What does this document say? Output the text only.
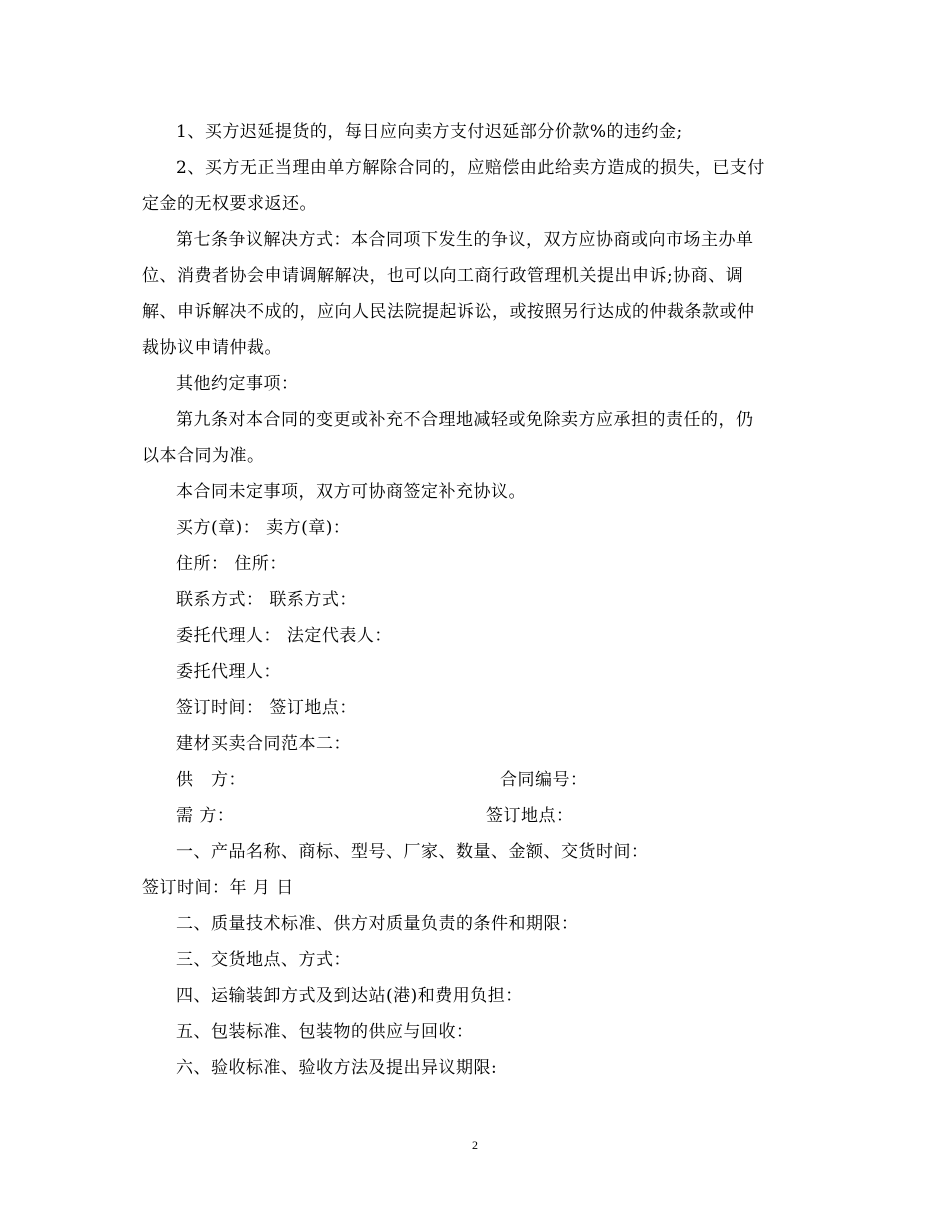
1、买方迟延提货的，每日应向卖方支付迟延部分价款%的违约金;
2、买方无正当理由单方解除合同的，应赔偿由此给卖方造成的损失，已支付
定金的无权要求返还。
第七条争议解决方式：本合同项下发生的争议，双方应协商或向市场主办单
位、消费者协会申请调解解决，也可以向工商行政管理机关提出申诉;协商、调
解、申诉解决不成的，应向人民法院提起诉讼，或按照另行达成的仲裁条款或仲
裁协议申请仲裁。
其他约定事项：
第九条对本合同的变更或补充不合理地减轻或免除卖方应承担的责任的，仍
以本合同为准。
本合同未定事项，双方可协商签定补充协议。
买方(章)： 卖方(章)：
住所： 住所：
联系方式： 联系方式：
委托代理人： 法定代表人：
委托代理人：
签订时间： 签订地点：
建材买卖合同范本二：
供　方：	合同编号：
需 方：	签订地点：
一、产品名称、商标、型号、厂家、数量、金额、交货时间：
签订时间：年 月 日
二、质量技术标准、供方对质量负责的条件和期限：
三、交货地点、方式：
四、运输装卸方式及到达站(港)和费用负担：
五、包装标准、包装物的供应与回收：
六、验收标准、验收方法及提出异议期限:
2
